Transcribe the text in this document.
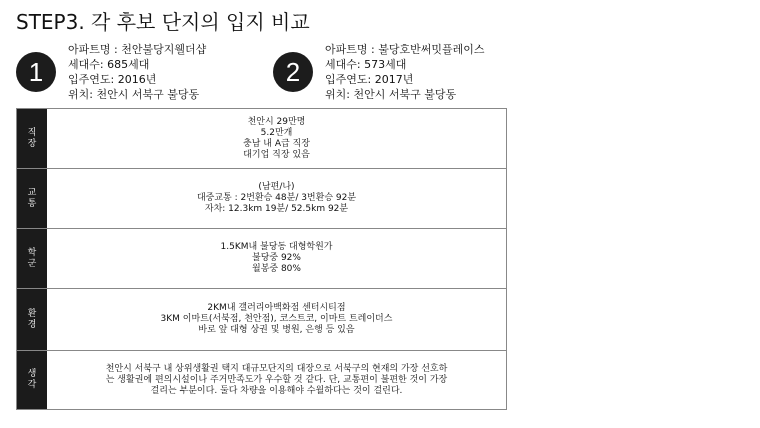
STEP3. 각 후보 단지의 입지 비교
1
아파트명 : 천안불당지웰더샵
세대수: 685세대
입주연도: 2016년
위치: 천안시 서북구 불당동
2
아파트명 : 불당호반써밋플레이스
세대수: 573세대
입주연도: 2017년
위치: 천안시 서북구 불당동
직
장
천안시 29만명
5.2만개
충남 내 A급 직장
대기업 직장 있음
교
통
(남편/나)
대중교통 : 2번환승 48분/ 3번환승 92분
자차: 12.3km 19분/ 52.5km 92분
학
군
1.5KM내 불당동 대형학원가
불당중 92%
월봉중 80%
환
경
2KM내 갤러리아백화점 센터시티점
3KM 이마트(서북점, 천안점), 코스트코, 이마트 트레이더스
바로 앞 대형 상권 및 병원, 은행 등 있음
생
각
천안시 서북구 내 상위생활권 택지 대규모단지의 대장으로 서북구의 현재의 가장 선호하
는 생활권에 편의시설이나 주거만족도가 우수할 것 같다. 단, 교통편이 불편한 것이 가장
걸리는 부분이다. 둘다 차량을 이용해야 수월하다는 것이 걸린다.
